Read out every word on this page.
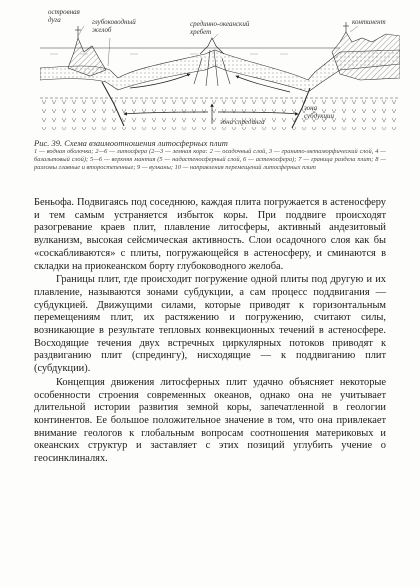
островная дуга	глубоководный желоб
срединно-океанский хребет
континент
зона спрединга
зона субдукции
Рис. 39. Схема взаимоотношения литосферных плит
1 — водная оболочка; 2—6 — литосфера (2—3 — земная кора: 2 — осадочный слой, 3 — гранито-метаморфический слой, 4 — базальтовый слой); 5—6 — верхняя мантия (5 — надастеносферный слой, 6 — астеносфера); 7 — граница раздела плит; 8 — разломы главные и второстепенные; 9 — вулканы; 10 — направления перемещений литосферных плит

Беньофа. Подвигаясь под соседнюю, каждая плита погружается в астеносферу и тем самым устраняется избыток коры. При поддвиге происходят разогревание краев плит, плавление литосферы, активный андезитовый вулканизм, высокая сейсмическая активность. Слои осадочного слоя как бы «соскабливаются» с плиты, погружающейся в астеносферу, и сминаются в складки на приокеанском борту глубоководного желоба.

Границы плит, где происходит погружение одной плиты под другую и их плавление, называются зонами субдукции, а сам процесс поддвигания — субдукцией. Движущими силами, которые приводят к горизонтальным перемещениям плит, их растяжению и погружению, считают силы, возникающие в результате тепловых конвекционных течений в астеносфере. Восходящие течения двух встречных циркулярных потоков приводят к раздвиганию плит (спредингу), нисходящие — к поддвиганию плит (субдукции).

Концепция движения литосферных плит удачно объясняет некоторые особенности строения современных океанов, однако она не учитывает длительной истории развития земной коры, запечатленной в геологии континентов. Ее большое положительное значение в том, что она привлекает внимание геологов к глобальным вопросам соотношения материковых и океанских структур и заставляет с этих позиций углубить учение о геосинклиналях.
